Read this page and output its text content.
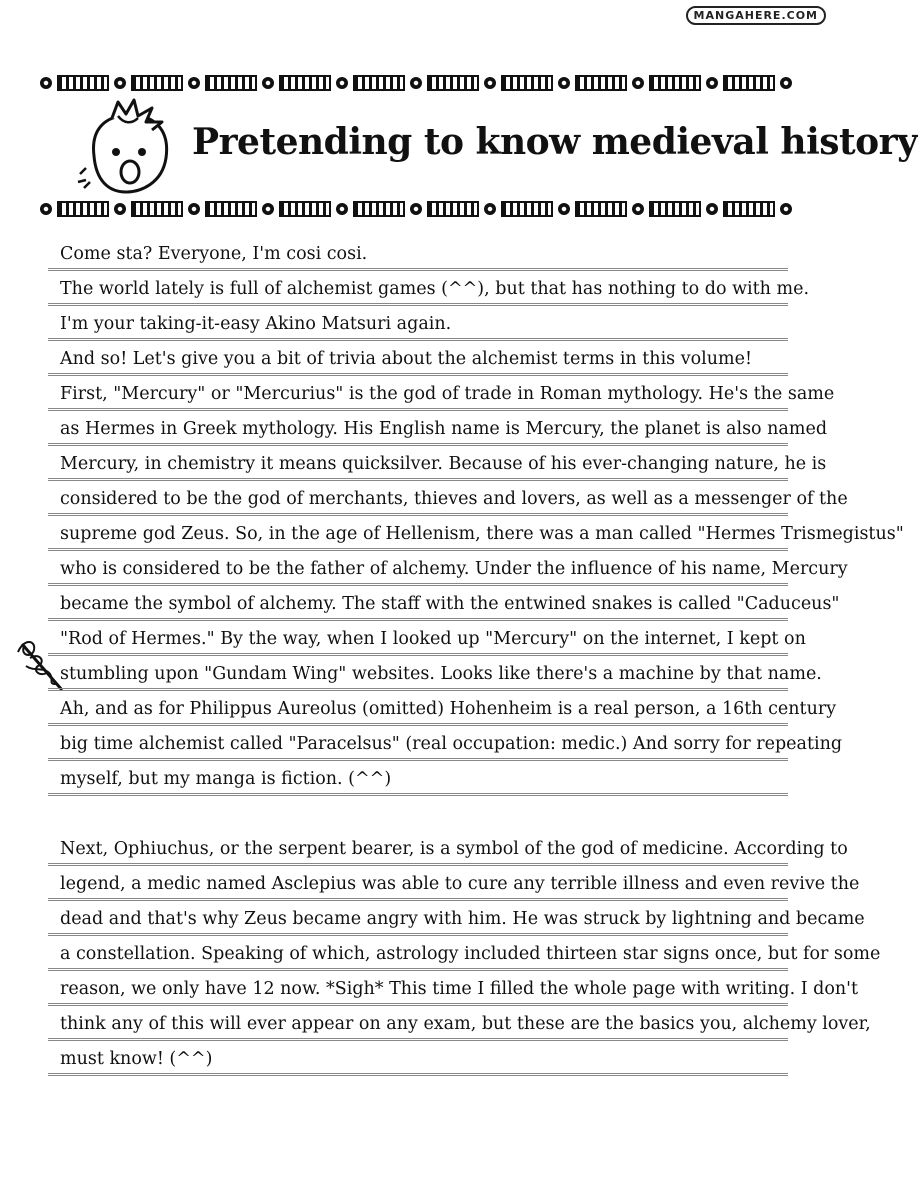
MANGAHERE.COM
Pretending to know medieval history
Come sta? Everyone, I'm cosi cosi.
The world lately is full of alchemist games (^^), but that has nothing to do with me.
I'm your taking-it-easy Akino Matsuri again.
And so! Let's give you a bit of trivia about the alchemist terms in this volume!
First, "Mercury" or "Mercurius" is the god of trade in Roman mythology. He's the same
as Hermes in Greek mythology. His English name is Mercury, the planet is also named
Mercury, in chemistry it means quicksilver. Because of his ever-changing nature, he is
considered to be the god of merchants, thieves and lovers, as well as a messenger of the
supreme god Zeus. So, in the age of Hellenism, there was a man called "Hermes Trismegistus"
who is considered to be the father of alchemy. Under the influence of his name, Mercury
became the symbol of alchemy. The staff with the entwined snakes is called "Caduceus"
"Rod of Hermes." By the way, when I looked up "Mercury" on the internet, I kept on
stumbling upon "Gundam Wing" websites. Looks like there's a machine by that name.
Ah, and as for Philippus Aureolus (omitted) Hohenheim is a real person, a 16th century
big time alchemist called "Paracelsus" (real occupation: medic.) And sorry for repeating
myself, but my manga is fiction. (^^)
Next, Ophiuchus, or the serpent bearer, is a symbol of the god of medicine. According to
legend, a medic named Asclepius was able to cure any terrible illness and even revive the
dead and that's why Zeus became angry with him. He was struck by lightning and became
a constellation. Speaking of which, astrology included thirteen star signs once, but for some
reason, we only have 12 now. *Sigh* This time I filled the whole page with writing. I don't
think any of this will ever appear on any exam, but these are the basics you, alchemy lover,
must know! (^^)
